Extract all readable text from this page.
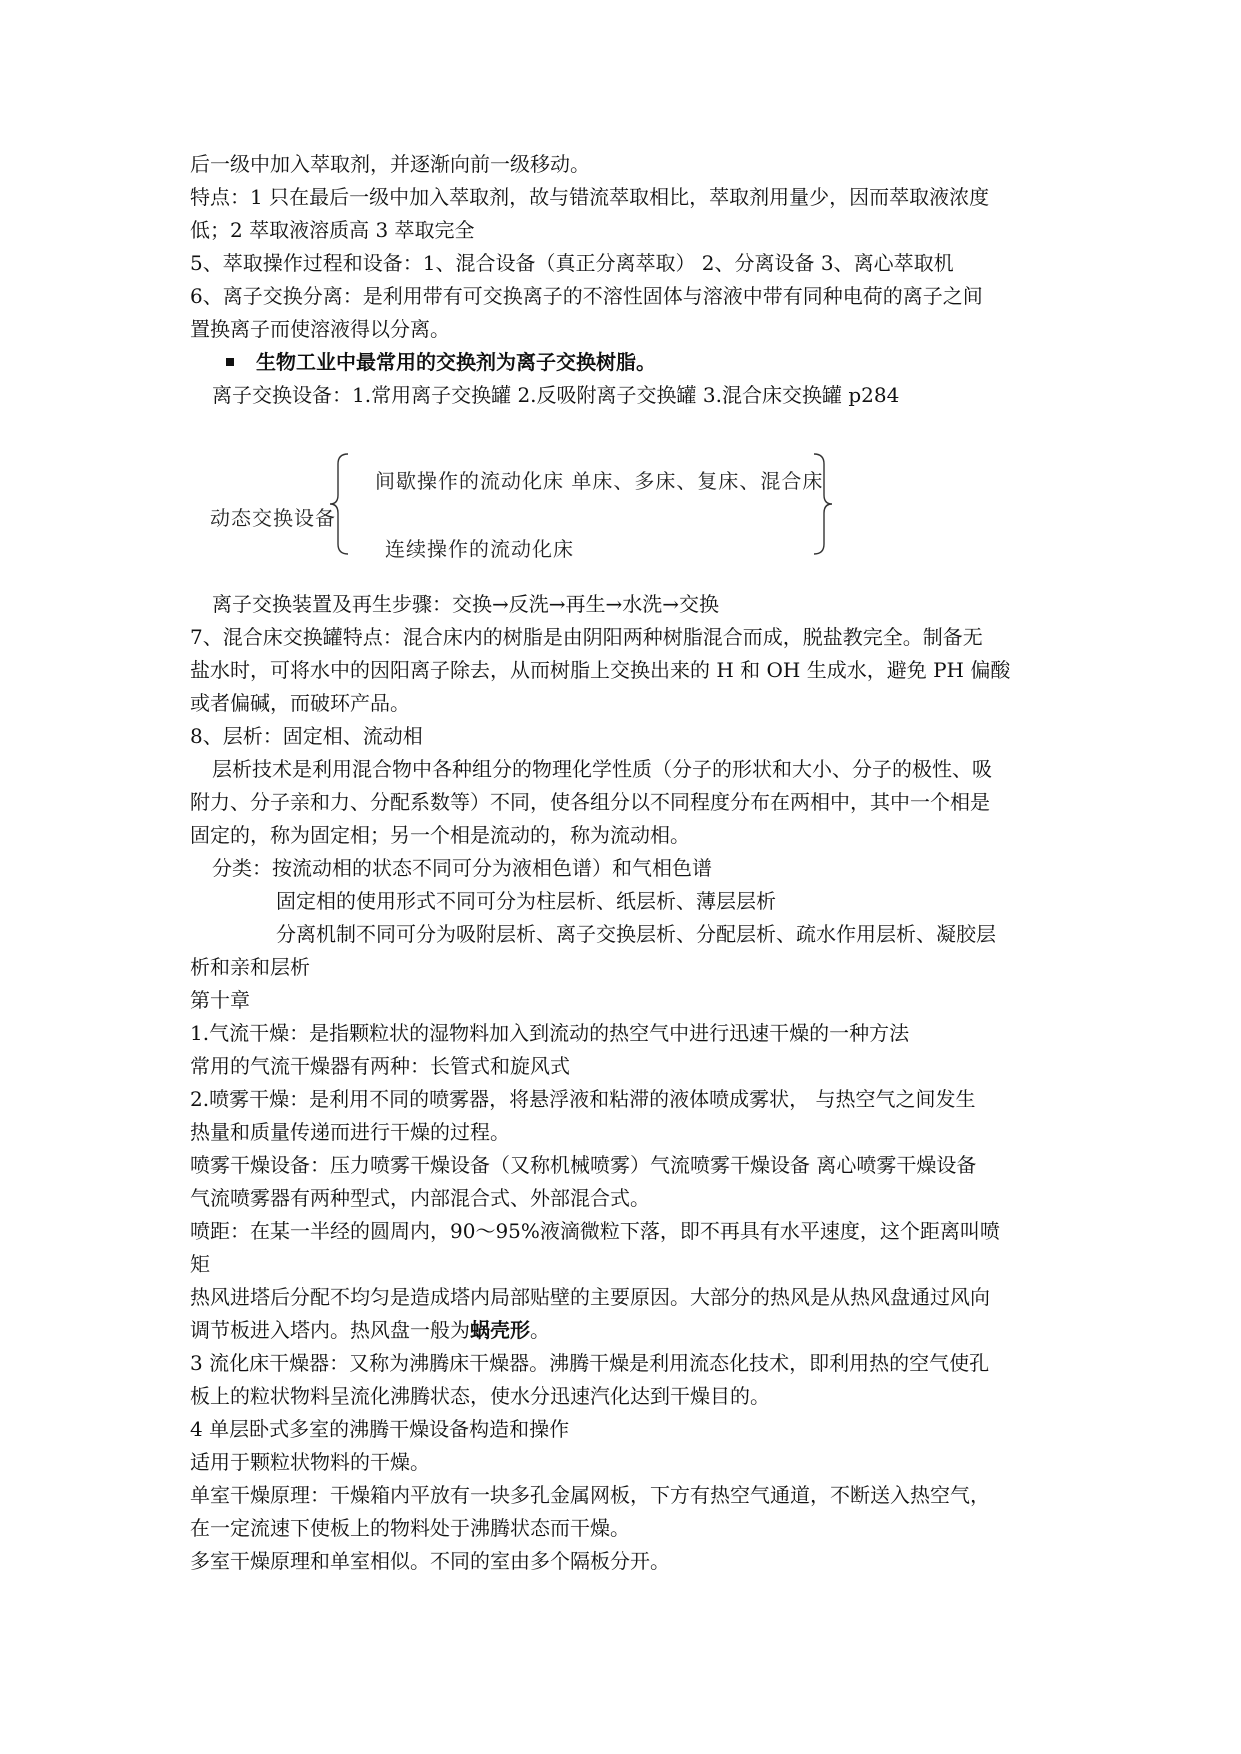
后一级中加入萃取剂，并逐渐向前一级移动。
特点：1 只在最后一级中加入萃取剂，故与错流萃取相比，萃取剂用量少，因而萃取液浓度
低；2 萃取液溶质高 3 萃取完全
5、萃取操作过程和设备：1、混合设备（真正分离萃取） 2、分离设备 3、离心萃取机
6、离子交换分离：是利用带有可交换离子的不溶性固体与溶液中带有同种电荷的离子之间
置换离子而使溶液得以分离。
生物工业中最常用的交换剂为离子交换树脂。
离子交换设备：1.常用离子交换罐 2.反吸附离子交换罐 3.混合床交换罐 p284
动态交换设备
间歇操作的流动化床 单床、多床、复床、混合床
连续操作的流动化床
离子交换装置及再生步骤：交换→反洗→再生→水洗→交换
7、混合床交换罐特点：混合床内的树脂是由阴阳两种树脂混合而成，脱盐教完全。制备无
盐水时，可将水中的因阳离子除去，从而树脂上交换出来的 H 和 OH 生成水，避免 PH 偏酸
或者偏碱，而破环产品。
8、层析：固定相、流动相
层析技术是利用混合物中各种组分的物理化学性质（分子的形状和大小、分子的极性、吸
附力、分子亲和力、分配系数等）不同，使各组分以不同程度分布在两相中，其中一个相是
固定的，称为固定相；另一个相是流动的，称为流动相。
分类：按流动相的状态不同可分为液相色谱）和气相色谱
固定相的使用形式不同可分为柱层析、纸层析、薄层层析
分离机制不同可分为吸附层析、离子交换层析、分配层析、疏水作用层析、凝胶层
析和亲和层析
第十章
1.气流干燥：是指颗粒状的湿物料加入到流动的热空气中进行迅速干燥的一种方法
常用的气流干燥器有两种：长管式和旋风式
2.喷雾干燥：是利用不同的喷雾器，将悬浮液和粘滞的液体喷成雾状， 与热空气之间发生
热量和质量传递而进行干燥的过程。
喷雾干燥设备：压力喷雾干燥设备（又称机械喷雾）气流喷雾干燥设备 离心喷雾干燥设备
气流喷雾器有两种型式，内部混合式、外部混合式。
喷距：在某一半经的圆周内，90～95%液滴微粒下落，即不再具有水平速度，这个距离叫喷
矩
热风进塔后分配不均匀是造成塔内局部贴壁的主要原因。大部分的热风是从热风盘通过风向
调节板进入塔内。热风盘一般为蜗壳形。
3 流化床干燥器：又称为沸腾床干燥器。沸腾干燥是利用流态化技术，即利用热的空气使孔
板上的粒状物料呈流化沸腾状态，使水分迅速汽化达到干燥目的。
4 单层卧式多室的沸腾干燥设备构造和操作
适用于颗粒状物料的干燥。
单室干燥原理：干燥箱内平放有一块多孔金属网板，下方有热空气通道，不断送入热空气，
在一定流速下使板上的物料处于沸腾状态而干燥。
多室干燥原理和单室相似。不同的室由多个隔板分开。
